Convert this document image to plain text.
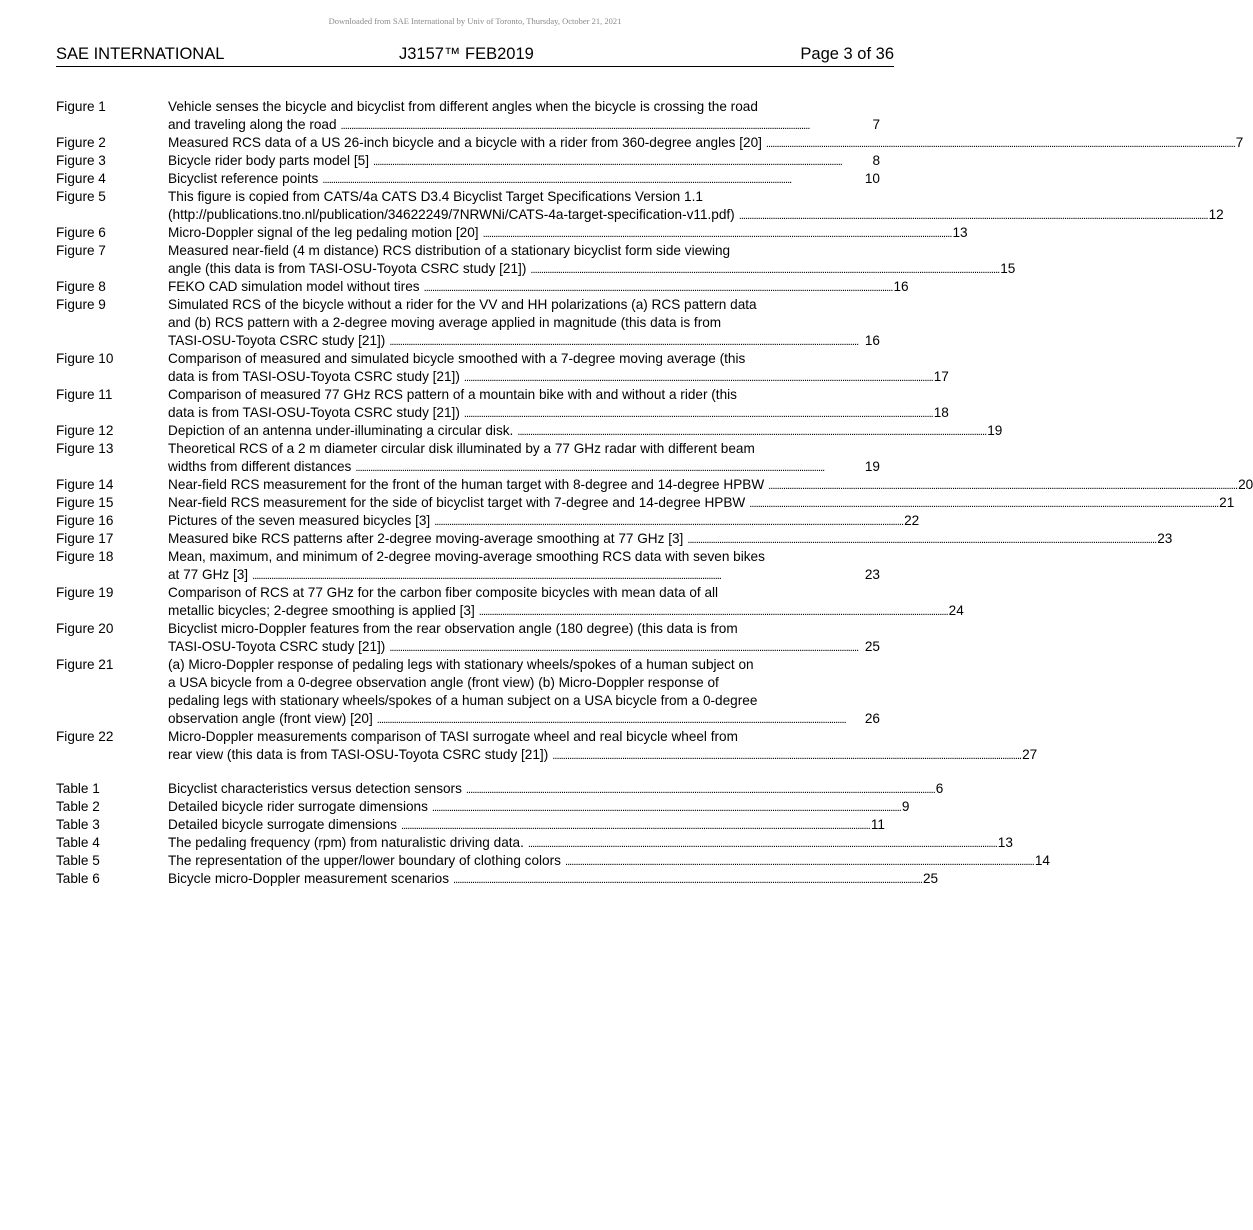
Downloaded from SAE International by Univ of Toronto, Thursday, October 21, 2021
SAE INTERNATIONAL	J3157™ FEB2019	Page 3 of 36
Figure 1	Vehicle senses the bicycle and bicyclist from different angles when the bicycle is crossing the road
and traveling along the road . . .	7
Figure 2	Measured RCS data of a US 26-inch bicycle and a bicycle with a rider from 360-degree angles [20] . . .	7
Figure 3	Bicycle rider body parts model [5] . . .	8
Figure 4	Bicyclist reference points . . .	10
Figure 5	This figure is copied from CATS/4a CATS D3.4 Bicyclist Target Specifications Version 1.1
(http://publications.tno.nl/publication/34622249/7NRWNi/CATS-4a-target-specification-v11.pdf) . . .	12
Figure 6	Micro-Doppler signal of the leg pedaling motion [20] . . .	13
Figure 7	Measured near-field (4 m distance) RCS distribution of a stationary bicyclist form side viewing
angle (this data is from TASI-OSU-Toyota CSRC study [21]) . . .	15
Figure 8	FEKO CAD simulation model without tires . . .	16
Figure 9	Simulated RCS of the bicycle without a rider for the VV and HH polarizations (a) RCS pattern data
and (b) RCS pattern with a 2-degree moving average applied in magnitude (this data is from
TASI-OSU-Toyota CSRC study [21]) . . .	16
Figure 10	Comparison of measured and simulated bicycle smoothed with a 7-degree moving average (this
data is from TASI-OSU-Toyota CSRC study [21]) . . .	17
Figure 11	Comparison of measured 77 GHz RCS pattern of a mountain bike with and without a rider (this
data is from TASI-OSU-Toyota CSRC study [21]) . . .	18
Figure 12	Depiction of an antenna under-illuminating a circular disk. . . .	19
Figure 13	Theoretical RCS of a 2 m diameter circular disk illuminated by a 77 GHz radar with different beam
widths from different distances . . .	19
Figure 14	Near-field RCS measurement for the front of the human target with 8-degree and 14-degree HPBW . . .	20
Figure 15	Near-field RCS measurement for the side of bicyclist target with 7-degree and 14-degree HPBW . . .	21
Figure 16	Pictures of the seven measured bicycles [3] . . .	22
Figure 17	Measured bike RCS patterns after 2-degree moving-average smoothing at 77 GHz [3] . . .	23
Figure 18	Mean, maximum, and minimum of 2-degree moving-average smoothing RCS data with seven bikes
at 77 GHz [3] . . .	23
Figure 19	Comparison of RCS at 77 GHz for the carbon fiber composite bicycles with mean data of all
metallic bicycles; 2-degree smoothing is applied [3] . . .	24
Figure 20	Bicyclist micro-Doppler features from the rear observation angle (180 degree) (this data is from
TASI-OSU-Toyota CSRC study [21]) . . .	25
Figure 21	(a) Micro-Doppler response of pedaling legs with stationary wheels/spokes of a human subject on
a USA bicycle from a 0-degree observation angle (front view) (b) Micro-Doppler response of
pedaling legs with stationary wheels/spokes of a human subject on a USA bicycle from a 0-degree
observation angle (front view) [20] . . .	26
Figure 22	Micro-Doppler measurements comparison of TASI surrogate wheel and real bicycle wheel from
rear view (this data is from TASI-OSU-Toyota CSRC study [21]) . . .	27
Table 1	Bicyclist characteristics versus detection sensors . . .	6
Table 2	Detailed bicycle rider surrogate dimensions . . .	9
Table 3	Detailed bicycle surrogate dimensions . . .	11
Table 4	The pedaling frequency (rpm) from naturalistic driving data. . . .	13
Table 5	The representation of the upper/lower boundary of clothing colors . . .	14
Table 6	Bicycle micro-Doppler measurement scenarios . . .	25
